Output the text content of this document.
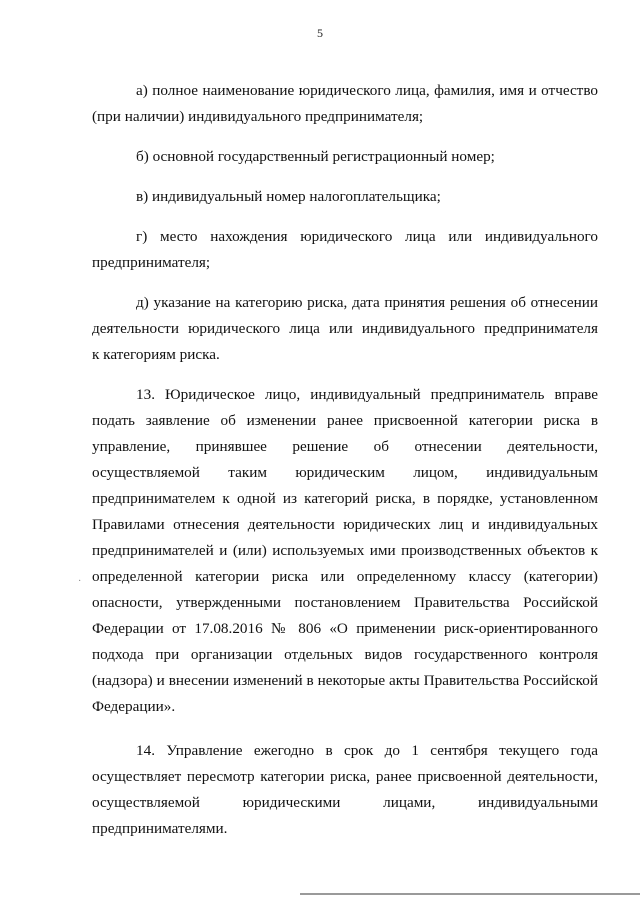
5
а) полное наименование юридического лица, фамилия, имя и отчество
(при наличии) индивидуального предпринимателя;
б) основной государственный регистрационный номер;
в) индивидуальный номер налогоплательщика;
г) место нахождения юридического лица или индивидуального
предпринимателя;
д) указание на категорию риска, дата принятия решения об отнесении
деятельности юридического лица или индивидуального предпринимателя
к категориям риска.
13. Юридическое лицо, индивидуальный предприниматель вправе
подать заявление об изменении ранее присвоенной категории риска в
управление, принявшее решение об отнесении деятельности,
осуществляемой таким юридическим лицом, индивидуальным
предпринимателем к одной из категорий риска, в порядке, установленном
Правилами отнесения деятельности юридических лиц и индивидуальных
предпринимателей и (или) используемых ими производственных объектов к
определенной категории риска или определенному классу (категории)
опасности, утвержденными постановлением Правительства Российской
Федерации от 17.08.2016 № 806 «О применении риск-ориентированного
подхода при организации отдельных видов государственного контроля
(надзора) и внесении изменений в некоторые акты Правительства Российской
Федерации».
14. Управление ежегодно в срок до 1 сентября текущего года
осуществляет пересмотр категории риска, ранее присвоенной деятельности,
осуществляемой юридическими лицами, индивидуальными
предпринимателями.
·
